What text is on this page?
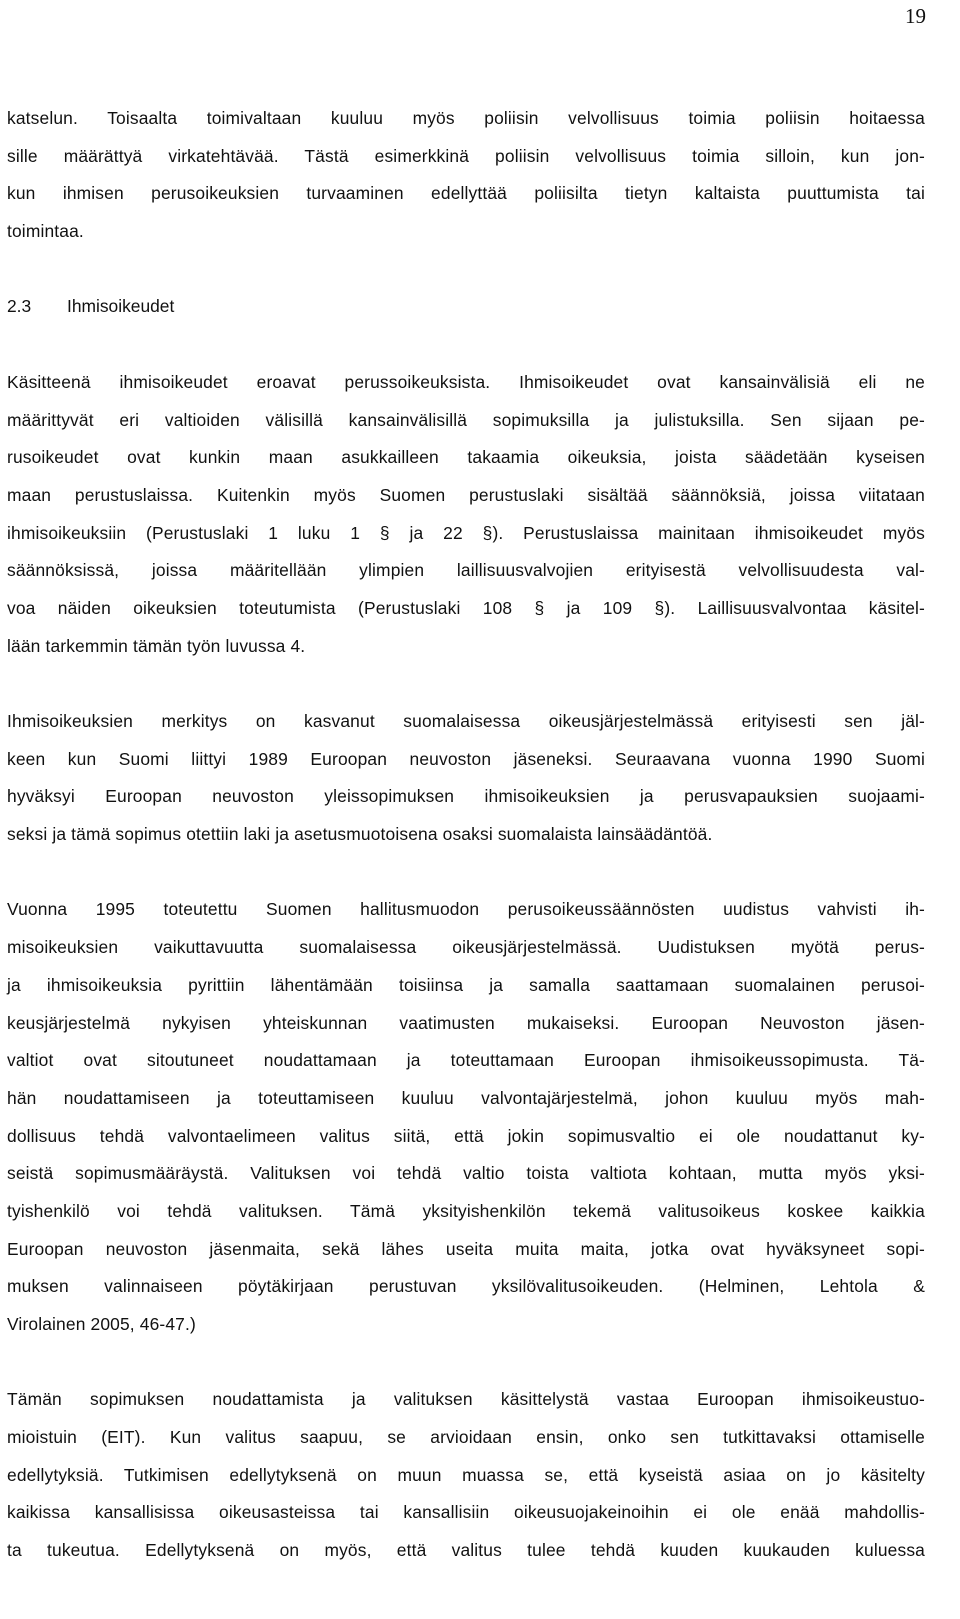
19
katselun. Toisaalta toimivaltaan kuuluu myös poliisin velvollisuus toimia poliisin hoitaessa
sille määrättyä virkatehtävää. Tästä esimerkkinä poliisin velvollisuus toimia silloin, kun jon-
kun ihmisen perusoikeuksien turvaaminen edellyttää poliisilta tietyn kaltaista puuttumista tai
toimintaa.
2.3 Ihmisoikeudet
Käsitteenä ihmisoikeudet eroavat perussoikeuksista. Ihmisoikeudet ovat kansainvälisiä eli ne
määrittyvät eri valtioiden välisillä kansainvälisillä sopimuksilla ja julistuksilla. Sen sijaan pe-
rusoikeudet ovat kunkin maan asukkailleen takaamia oikeuksia, joista säädetään kyseisen
maan perustuslaissa. Kuitenkin myös Suomen perustuslaki sisältää säännöksiä, joissa viitataan
ihmisoikeuksiin (Perustuslaki 1 luku 1 § ja 22 §). Perustuslaissa mainitaan ihmisoikeudet myös
säännöksissä, joissa määritellään ylimpien laillisuusvalvojien erityisestä velvollisuudesta val-
voa näiden oikeuksien toteutumista (Perustuslaki 108 § ja 109 §). Laillisuusvalvontaa käsitel-
lään tarkemmin tämän työn luvussa 4.
Ihmisoikeuksien merkitys on kasvanut suomalaisessa oikeusjärjestelmässä erityisesti sen jäl-
keen kun Suomi liittyi 1989 Euroopan neuvoston jäseneksi. Seuraavana vuonna 1990 Suomi
hyväksyi Euroopan neuvoston yleissopimuksen ihmisoikeuksien ja perusvapauksien suojaami-
seksi ja tämä sopimus otettiin laki ja asetusmuotoisena osaksi suomalaista lainsäädäntöä.
Vuonna 1995 toteutettu Suomen hallitusmuodon perusoikeussäännösten uudistus vahvisti ih-
misoikeuksien vaikuttavuutta suomalaisessa oikeusjärjestelmässä. Uudistuksen myötä perus-
ja ihmisoikeuksia pyrittiin lähentämään toisiinsa ja samalla saattamaan suomalainen perusoi-
keusjärjestelmä nykyisen yhteiskunnan vaatimusten mukaiseksi. Euroopan Neuvoston jäsen-
valtiot ovat sitoutuneet noudattamaan ja toteuttamaan Euroopan ihmisoikeussopimusta. Tä-
hän noudattamiseen ja toteuttamiseen kuuluu valvontajärjestelmä, johon kuuluu myös mah-
dollisuus tehdä valvontaelimeen valitus siitä, että jokin sopimusvaltio ei ole noudattanut ky-
seistä sopimusmääräystä. Valituksen voi tehdä valtio toista valtiota kohtaan, mutta myös yksi-
tyishenkilö voi tehdä valituksen. Tämä yksityishenkilön tekemä valitusoikeus koskee kaikkia
Euroopan neuvoston jäsenmaita, sekä lähes useita muita maita, jotka ovat hyväksyneet sopi-
muksen valinnaiseen pöytäkirjaan perustuvan yksilövalitusoikeuden. (Helminen, Lehtola &
Virolainen 2005, 46-47.)
Tämän sopimuksen noudattamista ja valituksen käsittelystä vastaa Euroopan ihmisoikeustuo-
mioistuin (EIT). Kun valitus saapuu, se arvioidaan ensin, onko sen tutkittavaksi ottamiselle
edellytyksiä. Tutkimisen edellytyksenä on muun muassa se, että kyseistä asiaa on jo käsitelty
kaikissa kansallisissa oikeusasteissa tai kansallisiin oikeusuojakeinoihin ei ole enää mahdollis-
ta tukeutua. Edellytyksenä on myös, että valitus tulee tehdä kuuden kuukauden kuluessa
